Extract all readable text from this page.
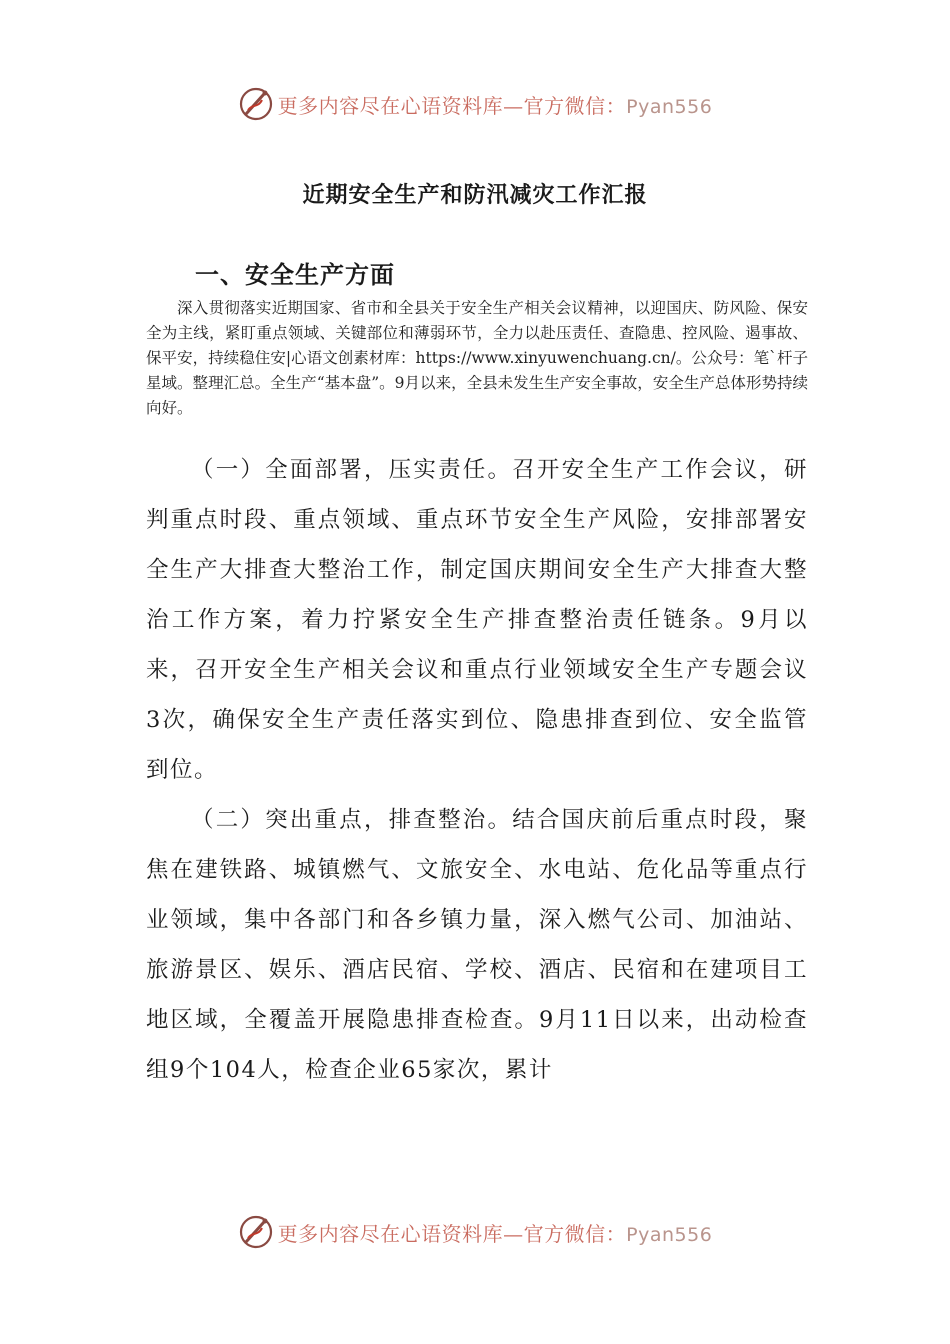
更多内容尽在心语资料库—官方微信：Pyan556
近期安全生产和防汛减灾工作汇报
一、安全生产方面

深入贯彻落实近期国家、省市和全县关于安全生产相关会议精神，以迎国庆、防风险、保安全为主线，紧盯重点领域、关键部位和薄弱环节，全力以赴压责任、查隐患、控风险、遏事故、保平安，持续稳住安|心语文创素材库：https://www.xinyuwenchuang.cn/。公众号：笔`杆子星域。整理汇总。全生产“基本盘”。9月以来，全县未发生生产安全事故，安全生产总体形势持续向好。

（一）全面部署，压实责任。召开安全生产工作会议，研判重点时段、重点领域、重点环节安全生产风险，安排部署安全生产大排查大整治工作，制定国庆期间安全生产大排查大整治工作方案，着力拧紧安全生产排查整治责任链条。9月以来，召开安全生产相关会议和重点行业领域安全生产专题会议3次，确保安全生产责任落实到位、隐患排查到位、安全监管到位。

（二）突出重点，排查整治。结合国庆前后重点时段，聚焦在建铁路、城镇燃气、文旅安全、水电站、危化品等重点行业领域，集中各部门和各乡镇力量，深入燃气公司、加油站、旅游景区、娱乐、酒店民宿、学校、酒店、民宿和在建项目工地区域，全覆盖开展隐患排查检查。9月11日以来，出动检查组9个104人，检查企业65家次，累计

更多内容尽在心语资料库—官方微信：Pyan556
